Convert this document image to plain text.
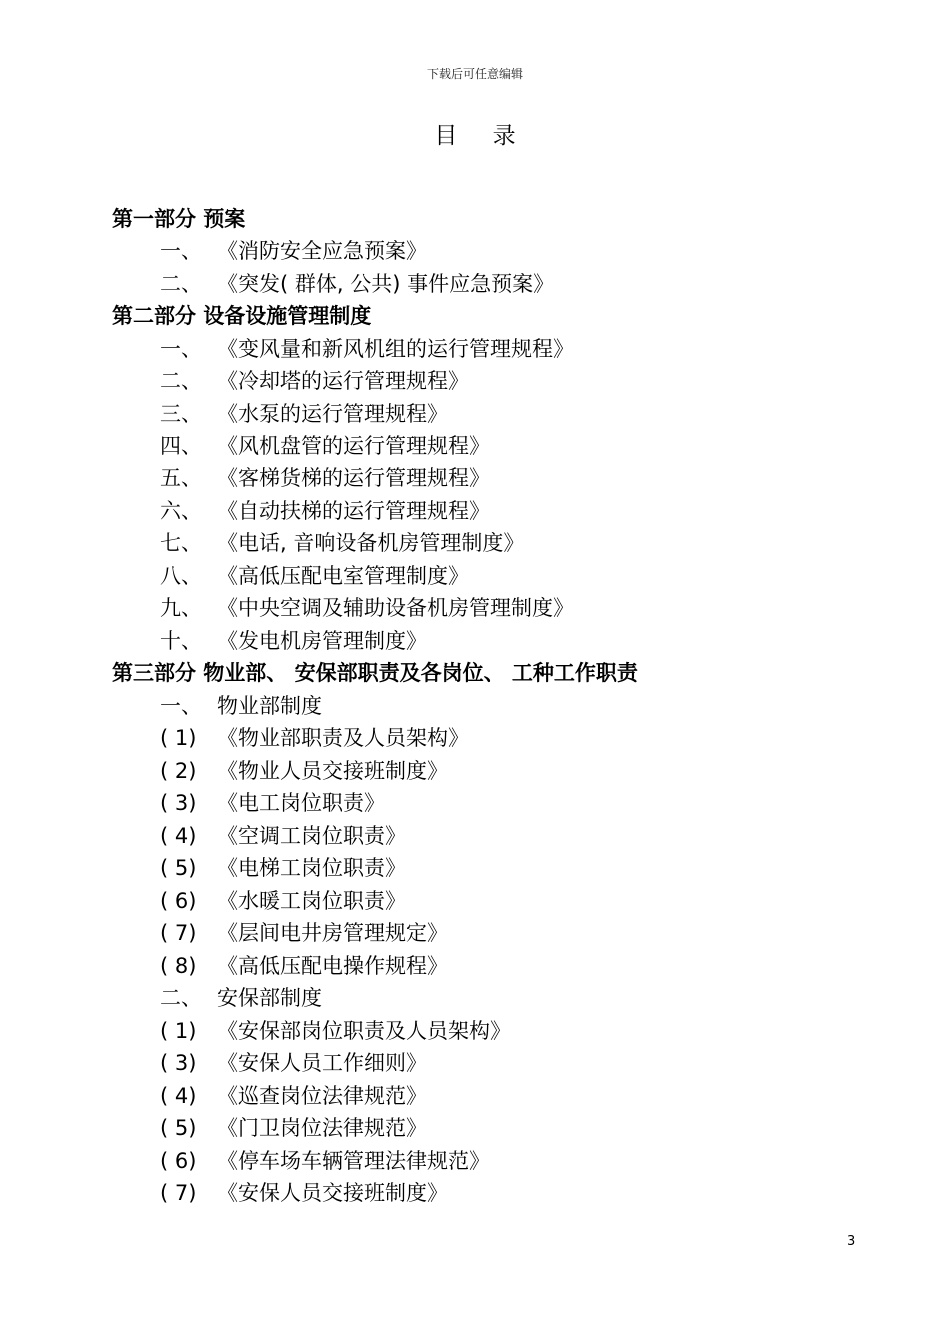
下载后可任意编辑
目 录
第一部分 预案
一、 《消防安全应急预案》
二、 《突发( 群体, 公共) 事件应急预案》
第二部分 设备设施管理制度
一、 《变风量和新风机组的运行管理规程》
二、 《冷却塔的运行管理规程》
三、 《水泵的运行管理规程》
四、 《风机盘管的运行管理规程》
五、 《客梯货梯的运行管理规程》
六、 《自动扶梯的运行管理规程》
七、 《电话, 音响设备机房管理制度》
八、 《高低压配电室管理制度》
九、 《中央空调及辅助设备机房管理制度》
十、 《发电机房管理制度》
第三部分 物业部、 安保部职责及各岗位、 工种工作职责
一、 物业部制度
( 1) 《物业部职责及人员架构》
( 2) 《物业人员交接班制度》
( 3) 《电工岗位职责》
( 4) 《空调工岗位职责》
( 5) 《电梯工岗位职责》
( 6) 《水暖工岗位职责》
( 7) 《层间电井房管理规定》
( 8) 《高低压配电操作规程》
二、 安保部制度
( 1) 《安保部岗位职责及人员架构》
( 3) 《安保人员工作细则》
( 4) 《巡查岗位法律规范》
( 5) 《门卫岗位法律规范》
( 6) 《停车场车辆管理法律规范》
( 7) 《安保人员交接班制度》
3
